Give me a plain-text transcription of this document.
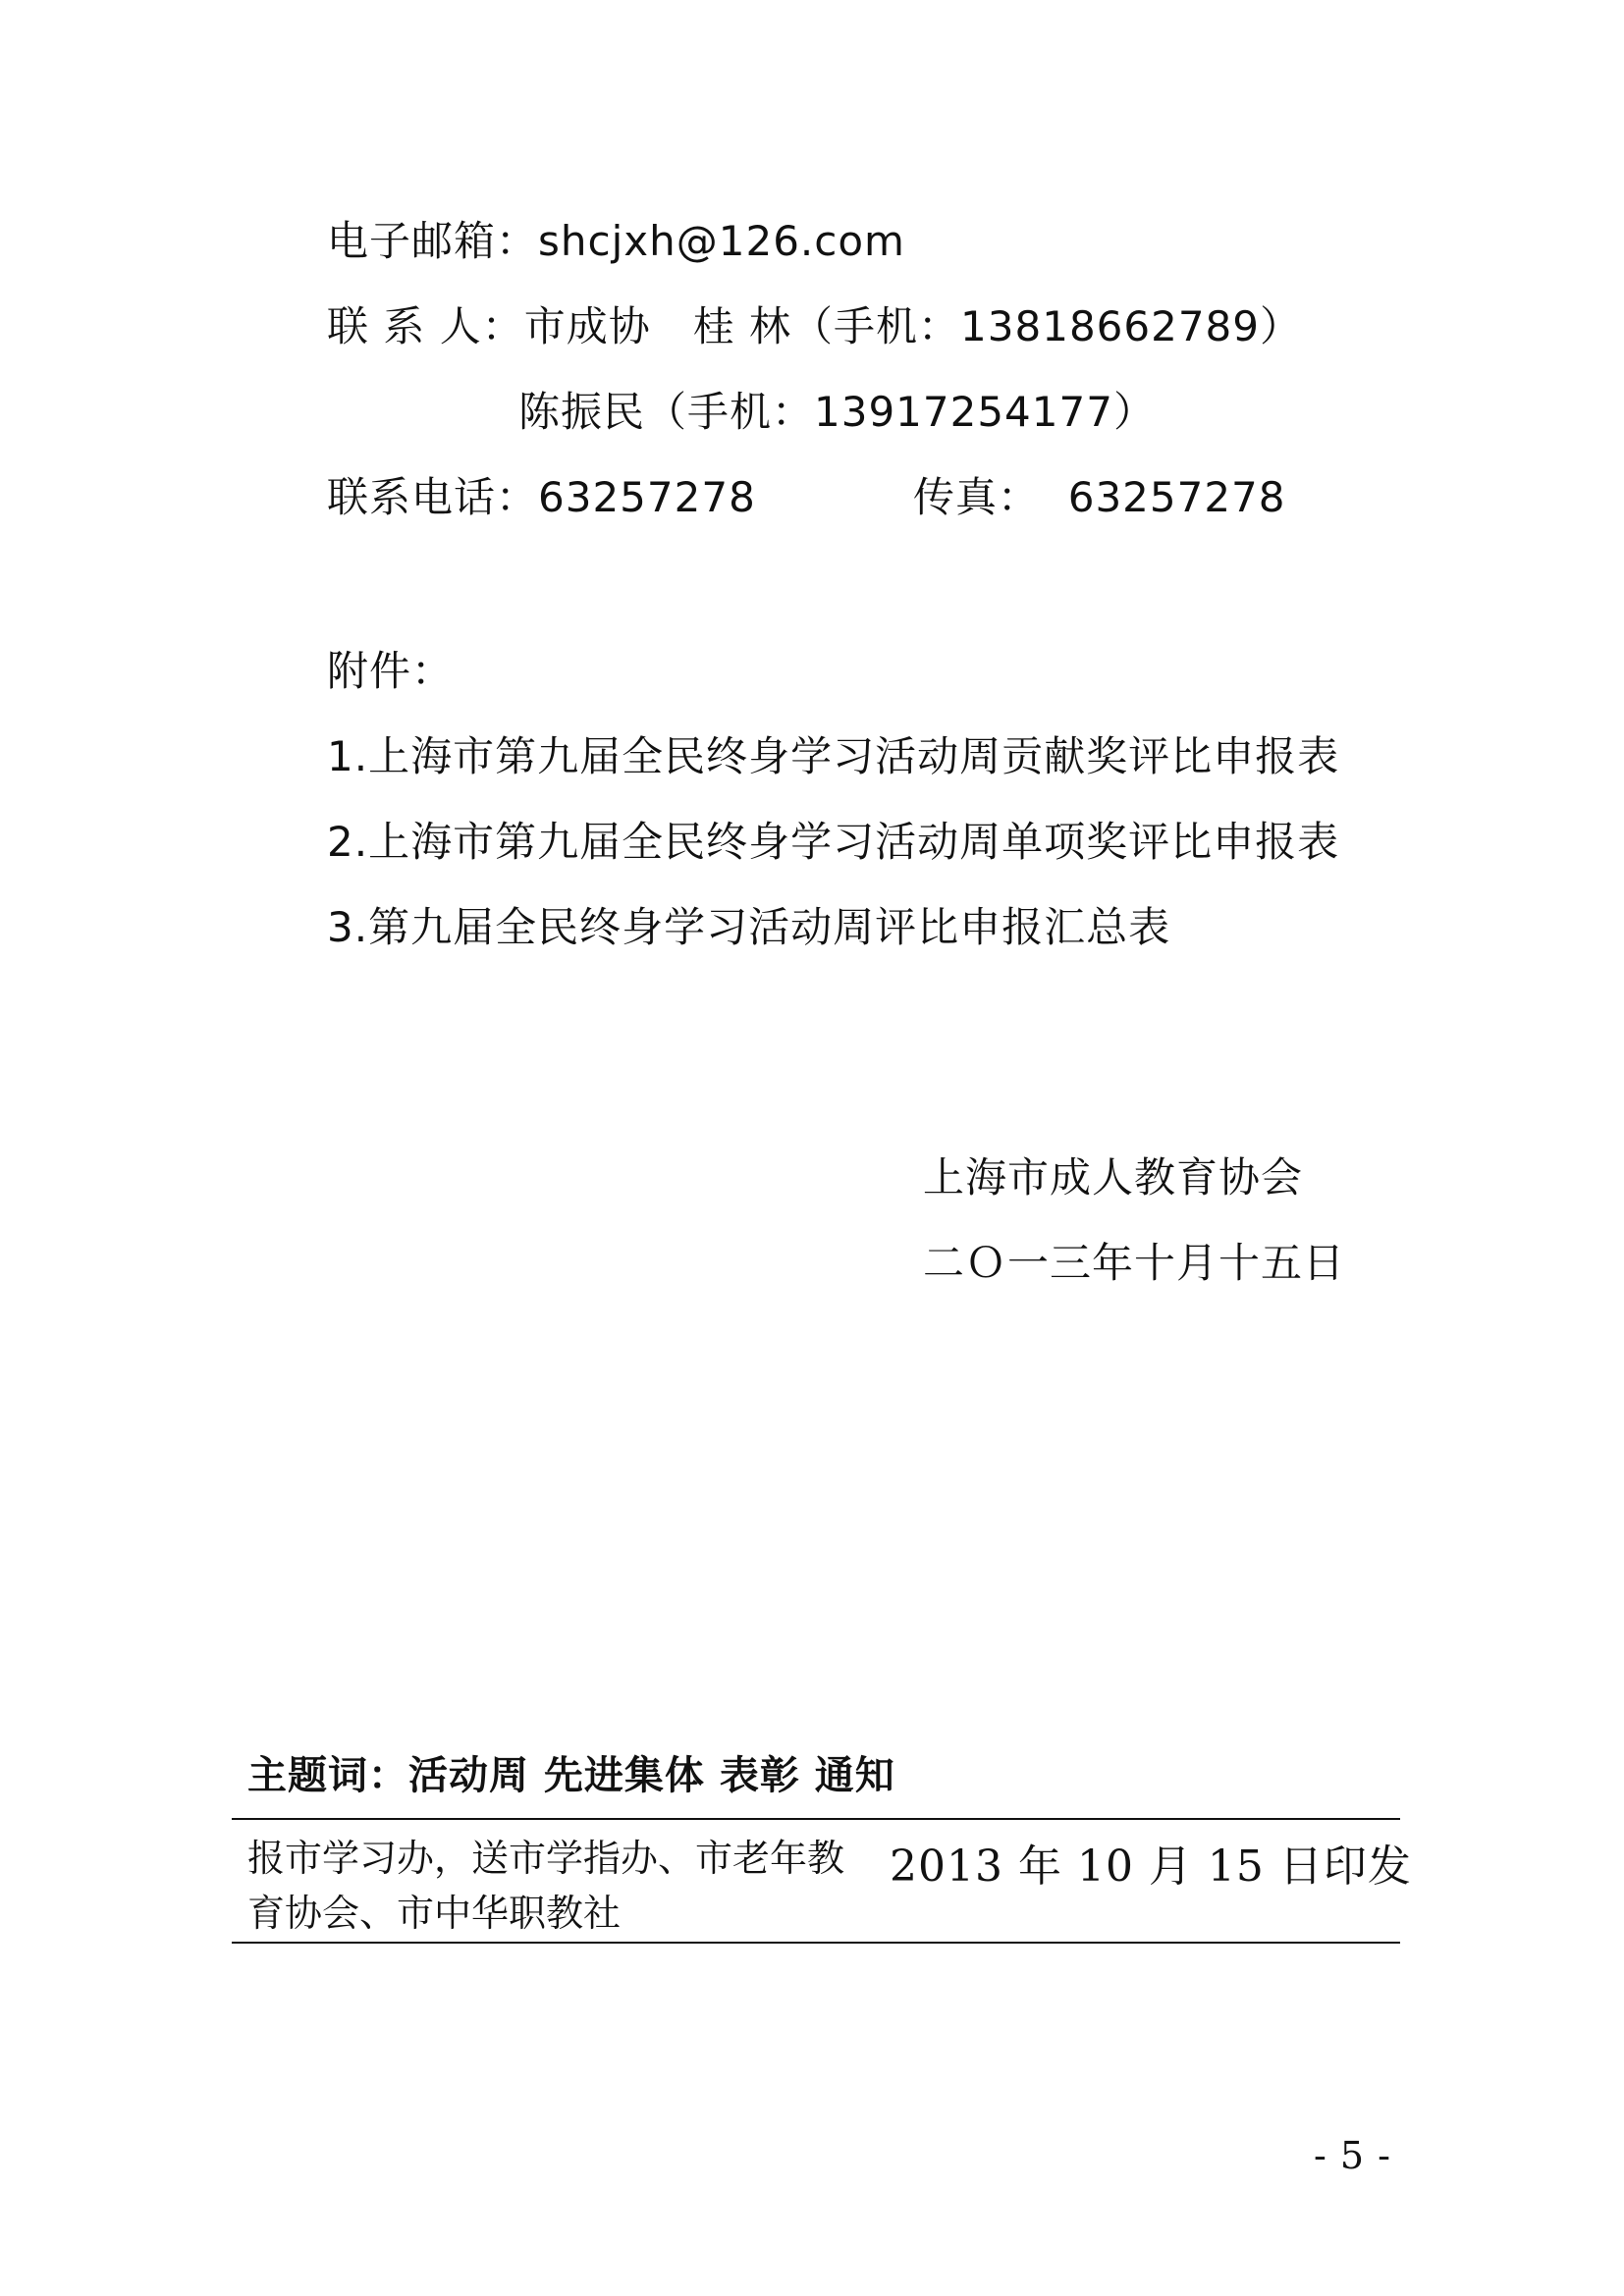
电子邮箱：shcjxh@126.com
联 系 人：市成协　桂 林（手机：13818662789）
陈振民（手机：13917254177）
联系电话：63257278	传真： 63257278
附件：
1.上海市第九届全民终身学习活动周贡献奖评比申报表
2.上海市第九届全民终身学习活动周单项奖评比申报表
3.第九届全民终身学习活动周评比申报汇总表
上海市成人教育协会
二Ｏ一三年十月十五日
主题词：活动周 先进集体 表彰 通知
报市学习办，送市学指办、市老年教
育协会、市中华职教社
2013 年 10 月 15 日印发
- 5 -
